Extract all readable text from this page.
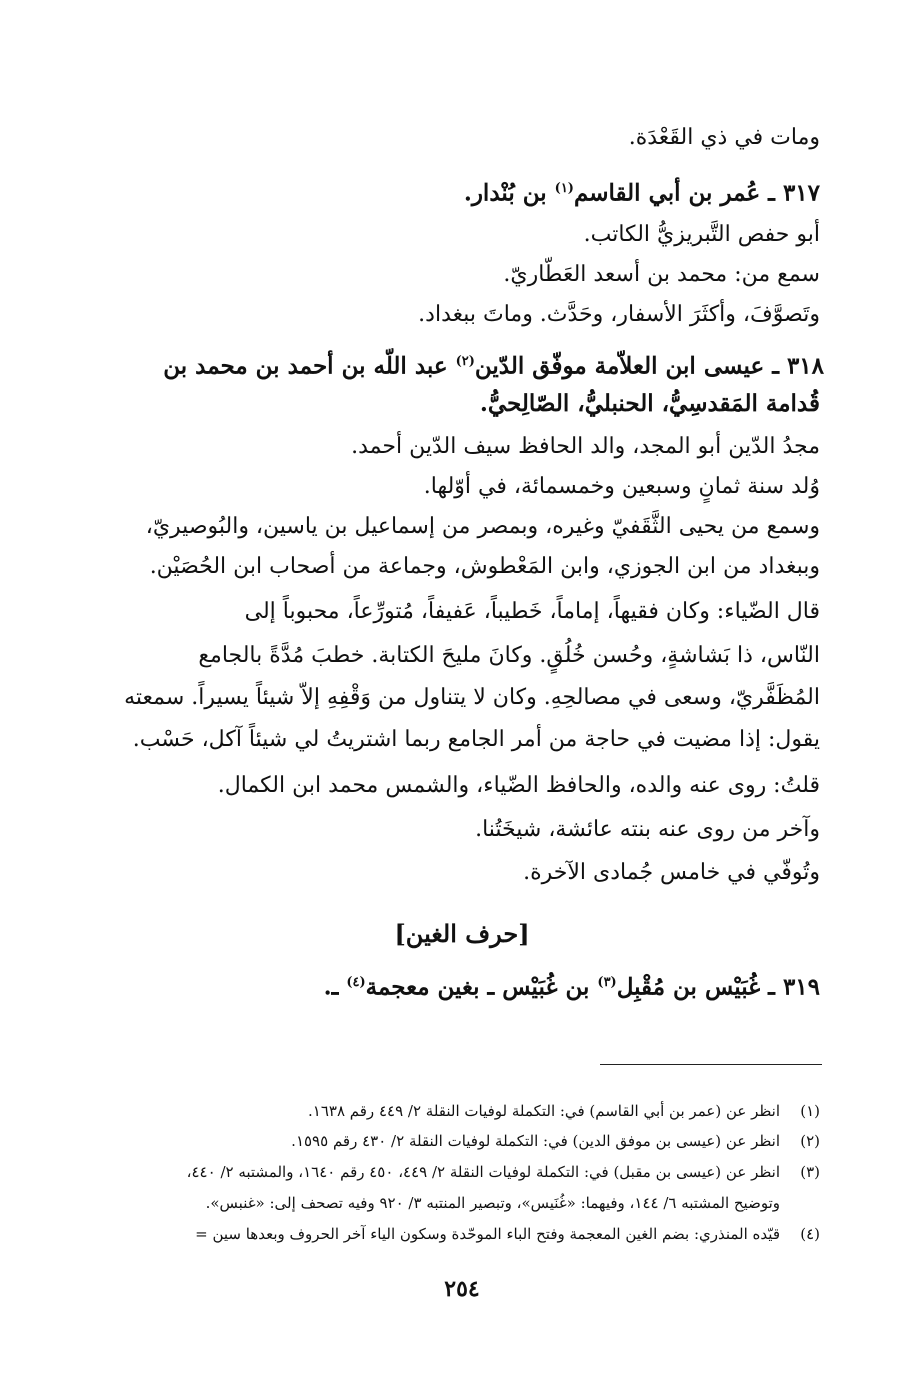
ومات في ذي القَعْدَة.
٣١٧ ـ عُمر بن أبي القاسم$^{(١)}$ بن بُنْدار.
أبو حفص التَّبريزيُّ الكاتب.
سمع من: محمد بن أسعد العَطّاريّ.
وتَصوَّفَ، وأكثَرَ الأسفار، وحَدَّث. وماتَ ببغداد.
٣١٨ ـ عيسى ابن العلاّمة موفّق الدّين$^{(٢)}$ عبد اللّه بن أحمد بن محمد بن
قُدامة المَقدسِيُّ، الحنبليُّ، الصّالِحيُّ.
مجدُ الدّين أبو المجد، والد الحافظ سيف الدّين أحمد.
وُلد سنة ثمانٍ وسبعين وخمسمائة، في أوّلها.
وسمع من يحيى الثَّقَفيّ وغيره، وبمصر من إسماعيل بن ياسين، والبُوصيريّ،
وببغداد من ابن الجوزي، وابن المَعْطوش، وجماعة من أصحاب ابن الحُصَيْن.
قال الضّياء: وكان فقيهاً، إماماً، خَطيباً، عَفيفاً، مُتورِّعاً، محبوباً إلى
النّاس، ذا بَشاشةٍ، وحُسن خُلُقٍ. وكانَ مليحَ الكتابة. خطبَ مُدَّةً بالجامع
المُظَفَّريّ، وسعى في مصالحِهِ. وكان لا يتناول من وَقْفِهِ إلاّ شيئاً يسيراً. سمعته
يقول: إذا مضيت في حاجة من أمر الجامع ربما اشتريتُ لي شيئاً آكل، حَسْب.
قلتُ: روى عنه والده، والحافظ الضّياء، والشمس محمد ابن الكمال.
وآخر من روى عنه بنته عائشة، شيخَتُنا.
وتُوفّي في خامس جُمادى الآخرة.
[حرف الغين]
٣١٩ ـ غُبَيْس بن مُقْبِل$^{(٣)}$ بن غُبَيْس ـ بغين معجمة$^{(٤)}$ ـ.
(١)انظر عن (عمر بن أبي القاسم) في: التكملة لوفيات النقلة ٢/ ٤٤٩ رقم ١٦٣٨.
(٢)انظر عن (عيسى بن موفق الدين) في: التكملة لوفيات النقلة ٢/ ٤٣٠ رقم ١٥٩٥.
(٣)انظر عن (عيسى بن مقبل) في: التكملة لوفيات النقلة ٢/ ٤٤٩، ٤٥٠ رقم ١٦٤٠، والمشتبه ٢/ ٤٤٠،
وتوضيح المشتبه ٦/ ١٤٤، وفيهما: «غُنَيس»، وتبصير المنتبه ٣/ ٩٢٠ وفيه تصحف إلى: «غنبس».
(٤)قيّده المنذري: بضم الغين المعجمة وفتح الباء الموحّدة وسكون الياء آخر الحروف وبعدها سين =
٢٥٤
